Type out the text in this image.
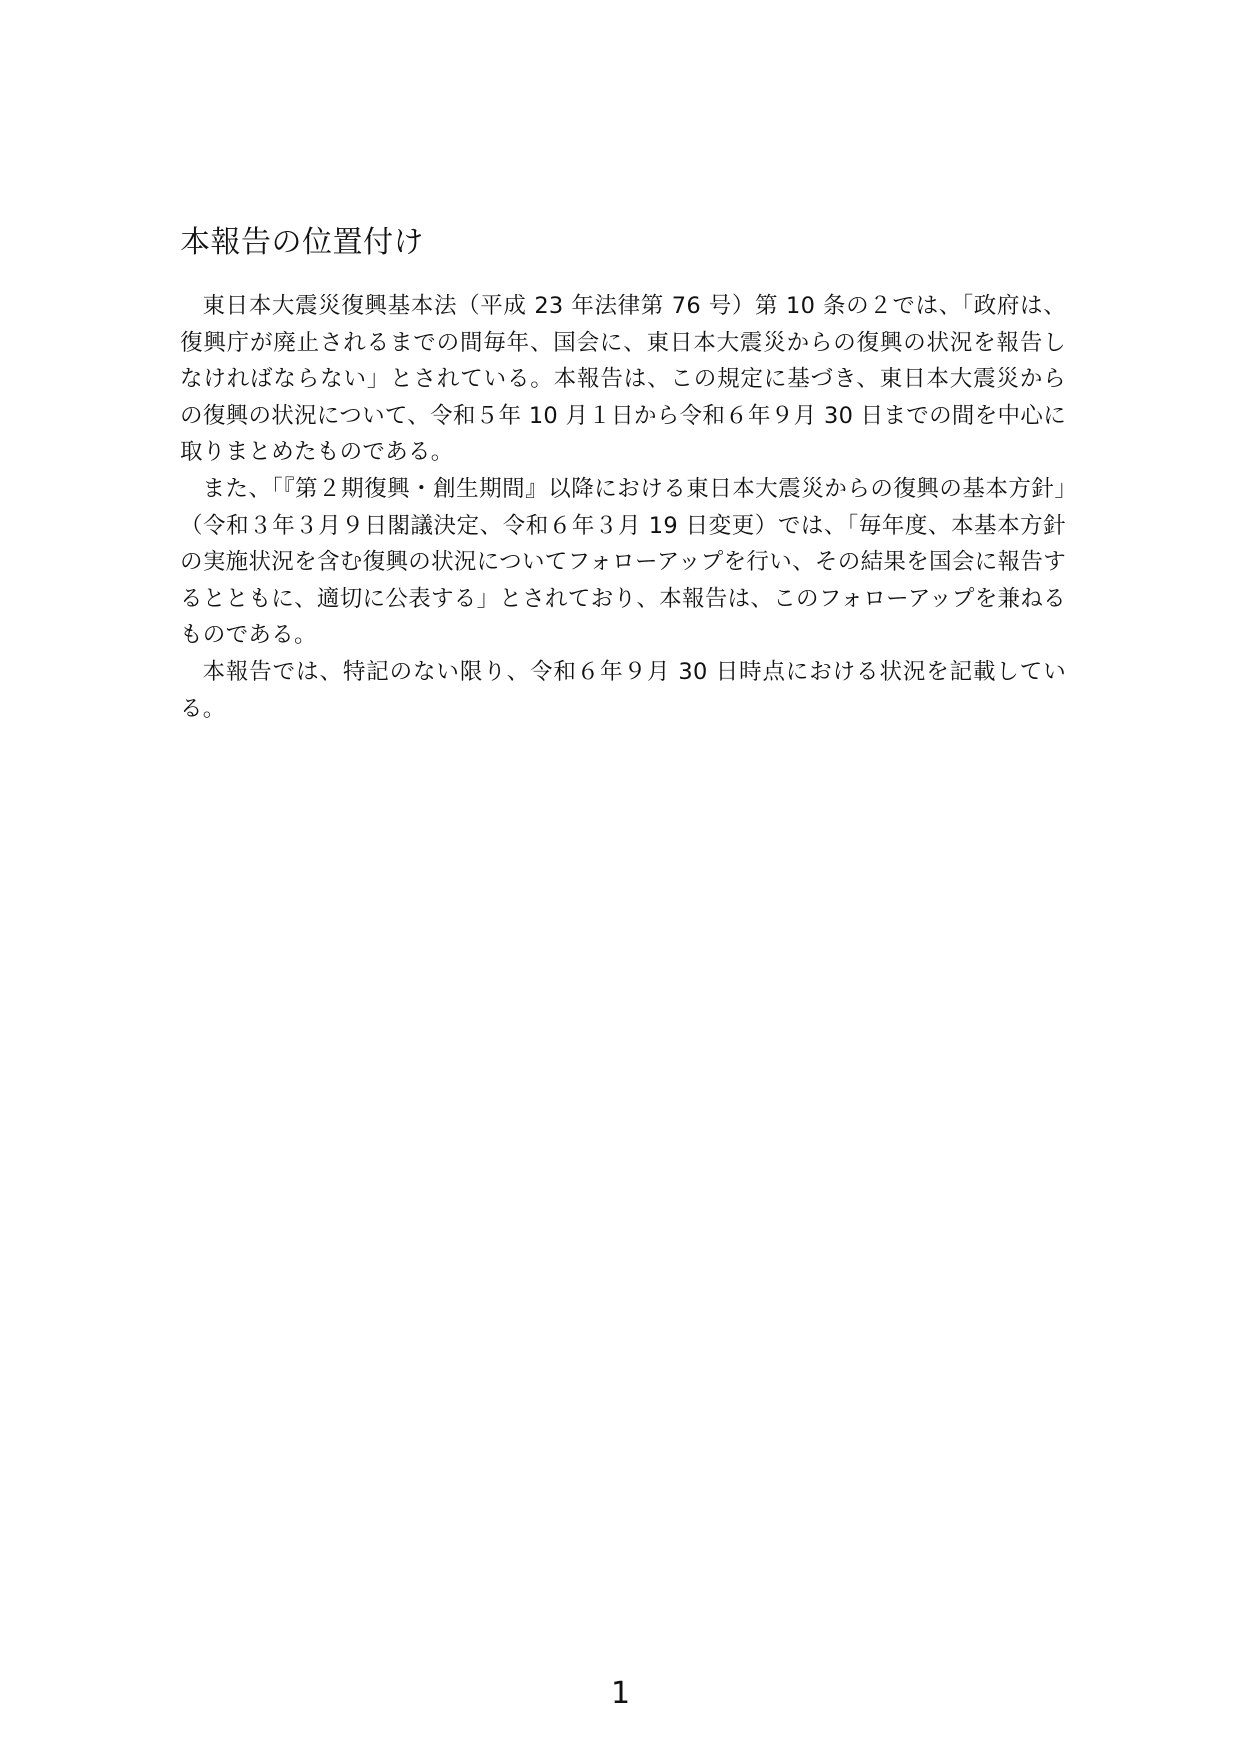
本報告の位置付け

東日本大震災復興基本法（平成 23 年法律第 76 号）第 10 条の２では、「政府は、復興庁が廃止されるまでの間毎年、国会に、東日本大震災からの復興の状況を報告しなければならない」とされている。本報告は、この規定に基づき、東日本大震災からの復興の状況について、令和５年 10 月１日から令和６年９月 30 日までの間を中心に取りまとめたものである。

また、「『第２期復興・創生期間』以降における東日本大震災からの復興の基本方針」（令和３年３月９日閣議決定、令和６年３月 19 日変更）では、「毎年度、本基本方針の実施状況を含む復興の状況についてフォローアップを行い、その結果を国会に報告するとともに、適切に公表する」とされており、本報告は、このフォローアップを兼ねるものである。

本報告では、特記のない限り、令和６年９月 30 日時点における状況を記載している。

1
